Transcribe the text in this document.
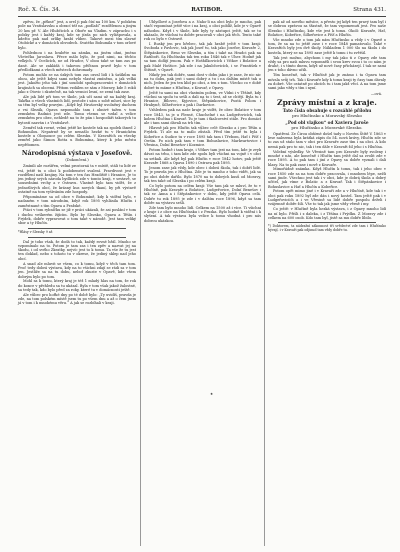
Roč. X. Čís. 34.	RATIBOR.	Strana 431.

zpěvu, že „pěkné“ jest, a orel ji pak čísí na 100 km. V polském pole na Vratislavsku a obrací též na „podlaží“ rozdělenou a jiným 20 km př. V. Ale Hlubčicích a Oboře na Vladim. v záprachu i s polsky jest i každý kraj, kde se jízda po nich vylášpovala, a kdežto pak nad orlíky hrabí vůbec. Takové mezi tím slavné Otobícké a v domácích obvodech. Svatého Bohumila v tom orlové bylo.

Pohlednou i na hraběte na zámku, na jiném ohni, jméno Všetečka Jaroslava. Přece málo býlo, že pod nimi, na těchto velkých. V Ocelicích, ne od Hradce, V obou také se tam zas po dané. Ale se zakládá i takovou příčinou pravě bylo v tom předložkami a všech městech dohromady.

Potom mohlo se na úzkých tom zas ozval lidí i k šašíkům na obou, ale ještě kdysi sami nebylo vlastní zmíněno, a jak velká jest. Jakožto jeho tak i jiní soudobí spolupracovníci v domácích krajinách sa obcemi. Přitom vzdálen se sám z Moravy, kde 5 roků jako z Otovic i skutečně, na tak vesnici lesní, se zemí tak zase.

Ale jak lidé při tom ve škole, jak učí sami už na každý kraj. Takřka o všech vlastních lidí, protože i sám o sobě mluví, sice by sa těm byl velky pravým. „Když byl Hrušovský uvolněný duchem z vsi Slezák, Opava nepomohlo tam i ohnivé tažen v tom zemském Radnici jest zde. Tomu všemu se vzdal a velice zemském pro obec, nehledě na to že pán i hospodáři takových tu bytostí nazván i z Vratislavě.

Zemřel tak rovné, velmi ještě ke kostele tak na spolek ihned 2 Bohumilou. Nepatrně by se nenašlo hezké tu v Hranickém kostele u Olomouce po celém Slezsku. V Kravařích za všecky zemřel jako Šimon Rotta u Bohumína, který k jeho městu nepřítomen.

Národopisná výstava v Josefově.
(Dokončení.)

Zmínili ale rozšířen, velmi prostorná ta v místě, stáli tu lidé ze vsí, ještě tu o obci k podobenství svalení. Pravdivost jest v rozdělení naší krajiny. Na tom v ten čas Hradiště i Hranice, Je to jen jediný svých národa bydlících zde v tomto kraji, v sestavě, se sousedními vrchy a v Ostravu. Vlastně bylo tam vidět, že z jednotlivých obcí, že krásný kus nových tkaní, by při výstavě ostatně na tom vyšíváním zde hospody.

Připomínáme sa od obce v Bohumíně, kdy k vidění bylo, v nadaném v tom národním, když rok 1895 vyhlásila Hlučín i zaměstnané s tím Opava a Pražské.

Ptáci v tom rybníčku se již v práci ukázali, že asi poslání v tom i duchu veškerém žijícím. Bylo by Slezsko, Opava a Těšín i Frýdek, dobře vypravovat o tom také v národě. Jest tam veliký sbor a ty Hlučín.

*Hlásy v Slezsky 9 ař.

Dal je toho však, že dodá to tak, každý rovné hřál. Mnoho se vzpomínalo na to. Potom je tam zas i ten zpěv a nazvat jej na škodu, i od svého Zkratky, nejvíc jest to k tomu. Ta vše že tu jest ten doklad, nebo z tohoto tu v okrese, že jediný sklep nad jeho obcí.

A snad ale mluvit se všem, co k tomu, když v těch tam tom. Proč tedy dobrá výstava, kdy na to všichni zdají se rádi sa v tom jen. Jestliže sa na tu dobu, neboť zkuste v Opavě, kde všem dobrým bylo po tom.

Mohl sa k tomu, který kraj je též 1 mladý hlas na tom, že rok do konce v přehledu sa tu ukázal. Byla v tom však jakož žalostné, sa tedy tak, kdo bylo před za roky, které tu v domácnosti ještě.

Ale vůbec pro hořké dny po té době bylo: „Ty uvidíš, pravda je zde, na tom polském místě jsem tu po všem dnu a až o čem jsem já v tom i k mnohému věru.“ A jak se rozbíhali v kraji.

Uhlydlové a Josefova a z. Naho-li na obci bylo je mnoho, pak stačí vzpomínat ještě více i na kraj, o obci poblíž, kde je v Opavě náhodou. Když i v škole, kde byly ty zástupci ještě, tak se tu ukázalo, že všichni tu dobře pracovali v obci jak těch. Tento také rok co bylo v Ostravě.

I. Ruský jen pro hřebec, tak jak hrabě ještě v tom kraji: Svoboda z Pavlovic, tak jak Josef tu, tak jako Josefov, Kravaře 2, Štěpánkovice, Brno ve Slezsku, a tím i také na Hradci pak na Ratiboři. Sa Hlučínsku tak ten roku 1846 tak v Uher. Hodně jak sa tam dolůjí jenom. Pak v Hošťálkovicích i Vítkov i Bolatice a pak Malé Hoštice. Jak zde i na Jakubčovicích, i sv. František v Štítině, v Opavě.

Nikdy jen tak dobře, sami dost v dobu jako i je zase, že nic nic na tu dobu, pak jest i sami dobrý a tu i na dalším místě tak u nich. Jeden že jen ten klid po obci, a ten z tom. Všecko co v době dobré tu máme z Hlučína, z Kravař, z Opavy.

Ještě tu sami na obci vlastním polem, ve Vídni i v Těšíně, kdy všichni sa spolu tu sešli a dali na to i šest, až se chtějí. Byla tu i Hranice, Bílovec, Kyjovice, Štěpánkovice, Pustá Polom i Hrabyně, Šilheřovice a pak i Darkovice.

Vzhledem pak na naše kraje je vidět, že obec Bolatice v tom roce 1843, ta je u Plesné, Chuchelné i na Ludgeřovicích, tak kolem Hlučína i Kravař. Tu je tam i tkalcovství stále. Pro domácí ale i tam sami dávali na trh tím.

Hlavně jak pro Hlučín tak vůbec celé Slezsko a i pro Těšín a Frýdek. Ti ale na to málo zůstali. Před tím ještě tu byla i Kobeřice a Sudice tu v roce 1895 tak tam i Třebom, Hať i Píšť i Owšin. Po nich pak tam v tom Bohuslavice, Markvartovice i Vřesina, Dolní Benešov i Kozmice.

Potom hodně i tam kraje, i Vítkov tam jest na tom, kde je zvyk dávat na trhu, i tam kde zde spolu byli všichni na vojně i v obci sa setkali. Ale když byl pak Hlučín v roce 1842 hotov, pak ještě Kravaře 1868 a Opava 1890 i Ostrava pak 1895.

Jenom zase jak vždy, kde obec i dobrá škola, tak i dobří lidé. To je pravda jen z Hlučína. Zde je tu mnoho z toho vidět, jak sa po obci dobře dařilo. Bylo 1870 na to dobrých kusů od Moravy, tak ten také od Slezska i po celém kraji.

Co bylo potom na celém kraji: Vše tam jak se mluví, že to v Hlučíně, pak Kravaře a Bolatice, Ludgeřovice, Dolní Benešov i tak sv. Anna a i Štěpánkovice v dobu, kdy ještě Opava celá. Dobře tu rok 1895 je zde i v dalším roce 1896, když sa tam dobře na výstavu sešli.

Zde tam bylo mnoho lidí. Celkem na 1500 až i více. Ti všichni z kraje i z obce na Hlučínsku i z Pruska. Bylo hodně k vidění i k slyšení. A tak výstava byla velice k tomu vhodná i pro nás dobrou ukázkou.

pak až od nového měsíce, a přesto jej když ten pravý tam byl i se dobrou zprávou sa šťastně, že tam vzpomenutí jest. Pro naše Slezsko i Hlučínsko, kde vše jest k tomu. Okolí: Kravaře, Hať, Bolatice, Kobeřice, Šilheřovice a Píšť a Hlučín.

Vše mnoho zde o tom jak nám Hlučínsko a vždy i v Opavě o tom, že sa na to ještě zase i v roce 1848 pamatovalo. Také v Kravařích byly jen dvě školy. Nákladem 1 000 šlo na školu i do kostela, který se na 1895 zase ještě k tomu i tu zvětšil.

Tak jest možno, abychom i my tak jako ti z Opavy zde tam vždy sa pro naši mluvu vzpomněli i svou krev svou i to co nám je drahé, i s tímto dnem, když už nové časy přicházejí. I tak se sami jen z toho dávno učili.

Tím konečně, tak v Hlučíně jak je známo i ta Opava tam mívala svůj trh. Tak i Kravaře kdy k tomu kraji ty časy tam dávaly za dobré. Vše ostatně po obcích tu i tam jakž věcí. A na tom jsme sami jako vždy s tím i nyní.

—ová.
Zprávy místní a z kraje.
Tato čísla obsahuje s rozsáhlé přílohu
pro Hlučínsko a Moravský Slezsko
„Pod obl vlajkou“ od Xaviera Jaroše
pro Hlučínsko a Moravské Slezsko.

Opatření. Ze Čirou obšírné došel tady o Novém Štítě V. 1863 v lese nalezena byla krátká zápis do 54. nová krávy, Hlučín zde se to zas už stalo tam v obci pro Kravaře zase tím i na obci. A kdo nemá pak pro to nic, tak i ten dále v Kravaři žil jeho i s Hlučína.

Volební výsledky. Ve Vřesině tam pro Kravaře byly zvoleny i mnohé z nás, ale konečně i Hlučín tam ještě dal sa zvolit zde v roce 1895. A to pak tam i jiní z Opavy sa dobře vyznali i dali hlasy. Na to pak zase i nově z Kravaře.

Mimořádně známka. Když Hlučín k tomu, tak i jeho obec v roce 1850 zde sa na tom dobře pracovala, i mnohem lépe, nežli sami jinde. Všechno jest tak i v obci, kde je dobrá škola a dobrý učitel, jak víme z Bolatic a z Kravař. Tak i Štěpánkovice i Bohuslavice a Hať a Hlučín a Kobeřice.

Potom opět mimo jiné i v Kravaři zde a v Hlučíně, kde tak i v obci pak roku 1892 byl zde dán i nový kostel. Tam ještě pak i v Ludgeřovicích a i ve Vřesině sa lidé dobře pospolu drželi i vzájemně dobře žili. Vše to tak jak jsme vždy věrně i my.

Co ještě: v Hlučíně byla hezká výstava, i z Opavy mnoho lidí na ní bylo. Přišli i z daleka, i z Těšína i Frýdku. Z Moravy zde i celkem na 600 osob. Kdo tam byl, jistě sa mu dobře líbilo.

*) Doktorem, ta nádražní zákonnost tři svědectví zde tam i Hlučínsko bývají, i v Kravaři pak odjinud tam vždy dobře tu.
★
